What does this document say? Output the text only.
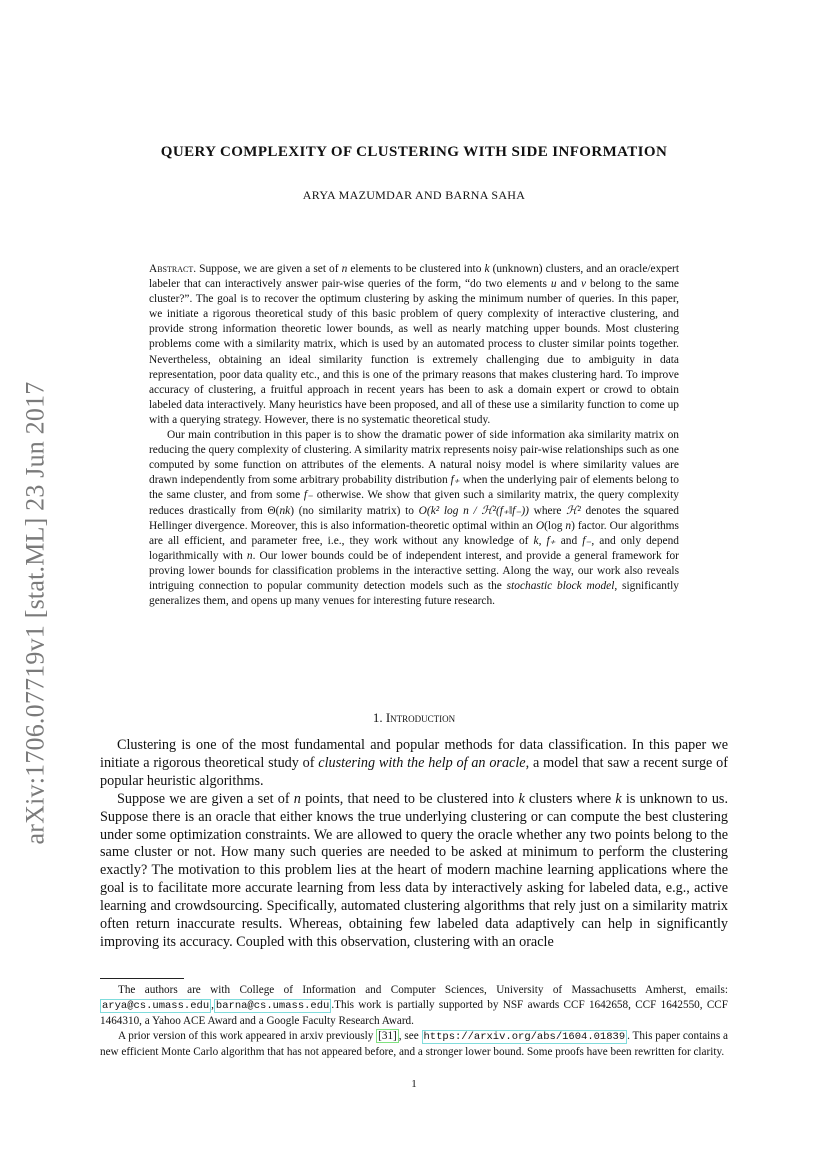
arXiv:1706.07719v1 [stat.ML] 23 Jun 2017
QUERY COMPLEXITY OF CLUSTERING WITH SIDE INFORMATION
ARYA MAZUMDAR AND BARNA SAHA

Abstract. Suppose, we are given a set of n elements to be clustered into k (unknown) clusters, and an oracle/expert labeler that can interactively answer pair-wise queries of the form, “do two elements u and v belong to the same cluster?”. The goal is to recover the optimum clustering by asking the minimum number of queries. In this paper, we initiate a rigorous theoretical study of this basic problem of query complexity of interactive clustering, and provide strong information theoretic lower bounds, as well as nearly matching upper bounds. Most clustering problems come with a similarity matrix, which is used by an automated process to cluster similar points together. Nevertheless, obtaining an ideal similarity function is extremely challenging due to ambiguity in data representation, poor data quality etc., and this is one of the primary reasons that makes clustering hard. To improve accuracy of clustering, a fruitful approach in recent years has been to ask a domain expert or crowd to obtain labeled data interactively. Many heuristics have been proposed, and all of these use a similarity function to come up with a querying strategy. However, there is no systematic theoretical study.

Our main contribution in this paper is to show the dramatic power of side information aka similarity matrix on reducing the query complexity of clustering. A similarity matrix represents noisy pair-wise relationships such as one computed by some function on attributes of the elements. A natural noisy model is where similarity values are drawn independently from some arbitrary probability distribution f₊ when the underlying pair of elements belong to the same cluster, and from some f₋ otherwise. We show that given such a similarity matrix, the query complexity reduces drastically from Θ(nk) (no similarity matrix) to O(k² log n / ℋ²(f₊‖f₋)) where ℋ² denotes the squared Hellinger divergence. Moreover, this is also information-theoretic optimal within an O(log n) factor. Our algorithms are all efficient, and parameter free, i.e., they work without any knowledge of k, f₊ and f₋, and only depend logarithmically with n. Our lower bounds could be of independent interest, and provide a general framework for proving lower bounds for classification problems in the interactive setting. Along the way, our work also reveals intriguing connection to popular community detection models such as the stochastic block model, significantly generalizes them, and opens up many venues for interesting future research.

1. Introduction

Clustering is one of the most fundamental and popular methods for data classification. In this paper we initiate a rigorous theoretical study of clustering with the help of an oracle, a model that saw a recent surge of popular heuristic algorithms.

Suppose we are given a set of n points, that need to be clustered into k clusters where k is unknown to us. Suppose there is an oracle that either knows the true underlying clustering or can compute the best clustering under some optimization constraints. We are allowed to query the oracle whether any two points belong to the same cluster or not. How many such queries are needed to be asked at minimum to perform the clustering exactly? The motivation to this problem lies at the heart of modern machine learning applications where the goal is to facilitate more accurate learning from less data by interactively asking for labeled data, e.g., active learning and crowdsourcing. Specifically, automated clustering algorithms that rely just on a similarity matrix often return inaccurate results. Whereas, obtaining few labeled data adaptively can help in significantly improving its accuracy. Coupled with this observation, clustering with an oracle

The authors are with College of Information and Computer Sciences, University of Massachusetts Amherst, emails: arya@cs.umass.edu , barna@cs.umass.edu .This work is partially supported by NSF awards CCF 1642658, CCF 1642550, CCF 1464310, a Yahoo ACE Award and a Google Faculty Research Award.

A prior version of this work appeared in arxiv previously [31] , see https://arxiv.org/abs/1604.01839 . This paper contains a new efficient Monte Carlo algorithm that has not appeared before, and a stronger lower bound. Some proofs have been rewritten for clarity.

1
